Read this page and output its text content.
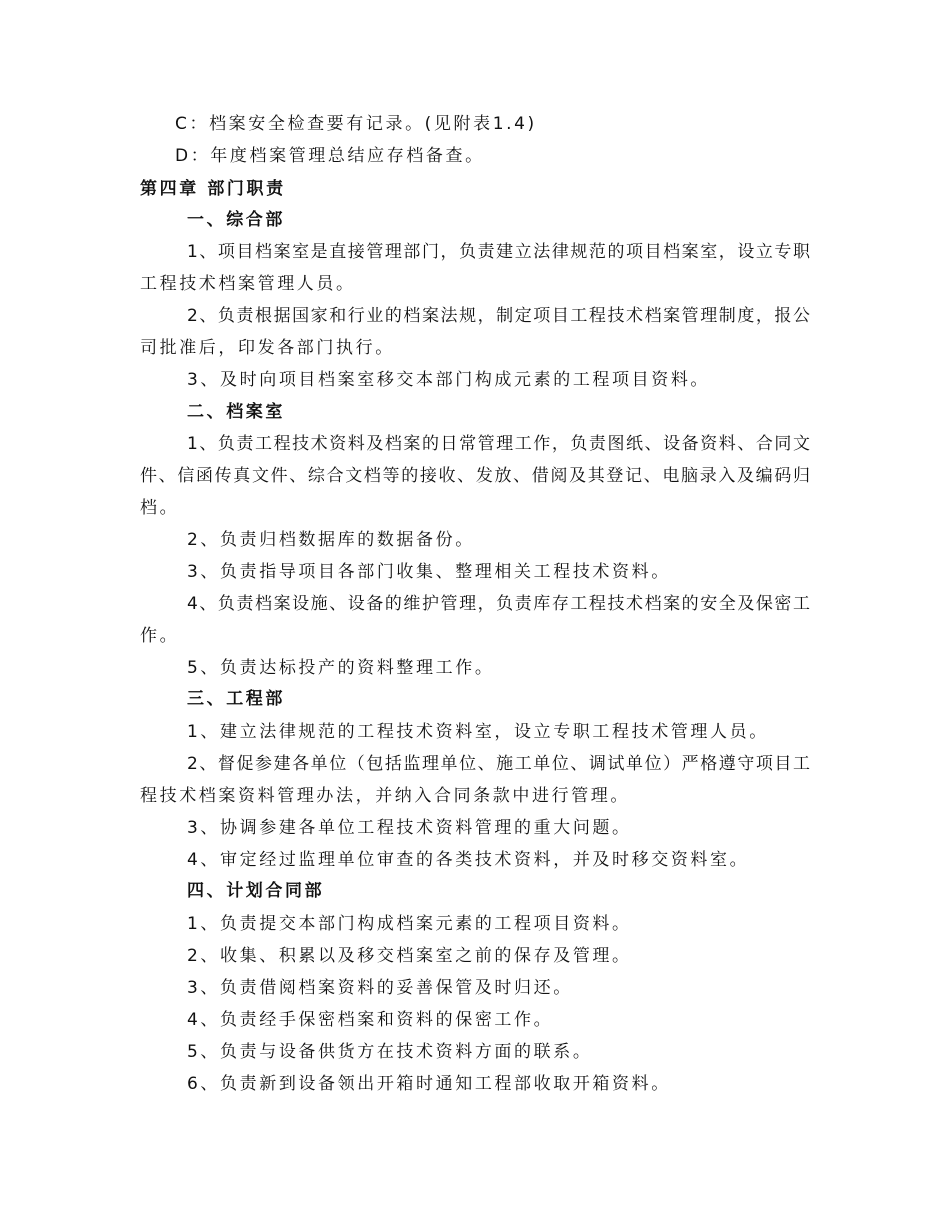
C：档案安全检查要有记录。(见附表1.4)
D：年度档案管理总结应存档备查。
第四章 部门职责
一、综合部
1、项目档案室是直接管理部门，负责建立法律规范的项目档案室，设立专职
工程技术档案管理人员。
2、负责根据国家和行业的档案法规，制定项目工程技术档案管理制度，报公
司批准后，印发各部门执行。
3、及时向项目档案室移交本部门构成元素的工程项目资料。
二、档案室
1、负责工程技术资料及档案的日常管理工作，负责图纸、设备资料、合同文
件、信函传真文件、综合文档等的接收、发放、借阅及其登记、电脑录入及编码归
档。
2、负责归档数据库的数据备份。
3、负责指导项目各部门收集、整理相关工程技术资料。
4、负责档案设施、设备的维护管理，负责库存工程技术档案的安全及保密工
作。
5、负责达标投产的资料整理工作。
三、工程部
1、建立法律规范的工程技术资料室，设立专职工程技术管理人员。
2、督促参建各单位（包括监理单位、施工单位、调试单位）严格遵守项目工
程技术档案资料管理办法，并纳入合同条款中进行管理。
3、协调参建各单位工程技术资料管理的重大问题。
4、审定经过监理单位审查的各类技术资料，并及时移交资料室。
四、计划合同部
1、负责提交本部门构成档案元素的工程项目资料。
2、收集、积累以及移交档案室之前的保存及管理。
3、负责借阅档案资料的妥善保管及时归还。
4、负责经手保密档案和资料的保密工作。
5、负责与设备供货方在技术资料方面的联系。
6、负责新到设备领出开箱时通知工程部收取开箱资料。
